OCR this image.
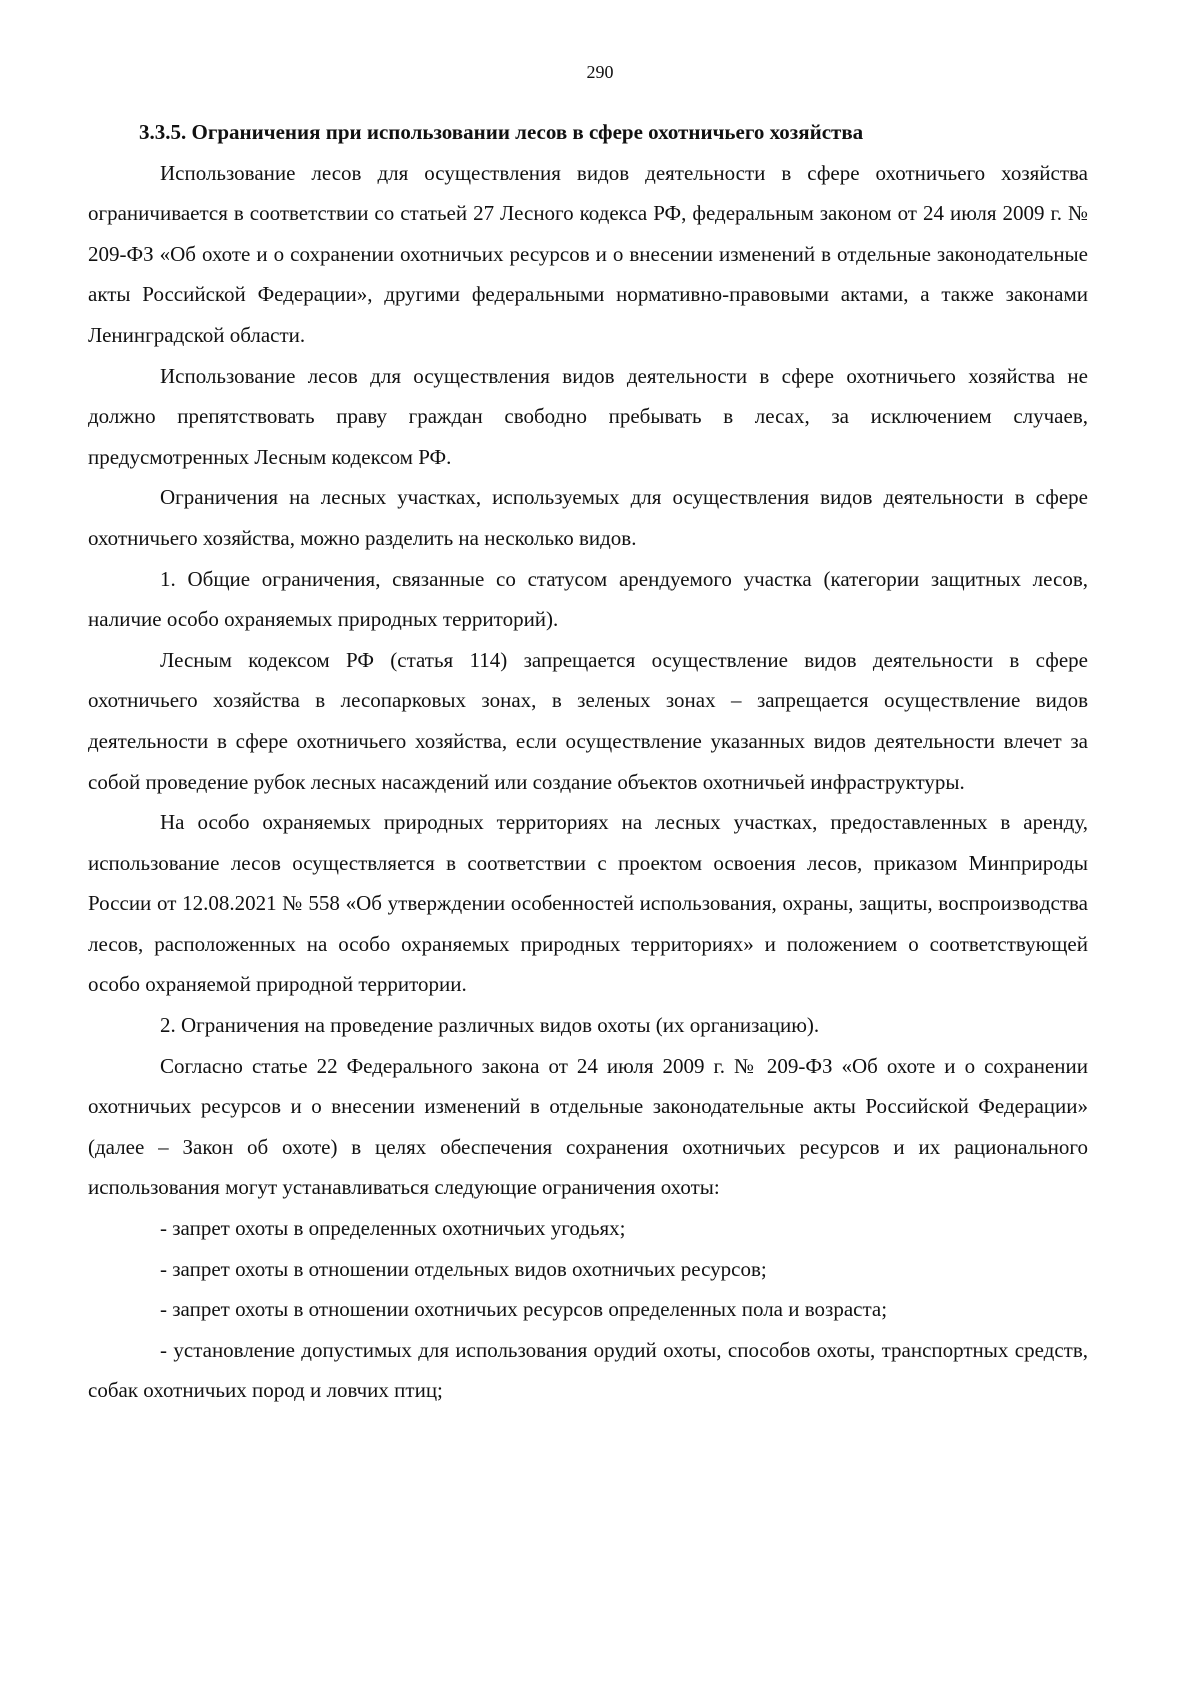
290

3.3.5. Ограничения при использовании лесов в сфере охотничьего хозяйства

Использование лесов для осуществления видов деятельности в сфере охотничьего хозяйства ограничивается в соответствии со статьей 27 Лесного кодекса РФ, федеральным законом от 24 июля 2009 г. № 209-ФЗ «Об охоте и о сохранении охотничьих ресурсов и о внесении изменений в отдельные законодательные акты Российской Федерации», другими федеральными нормативно-правовыми актами, а также законами Ленинградской области.

Использование лесов для осуществления видов деятельности в сфере охотничьего хозяйства не должно препятствовать праву граждан свободно пребывать в лесах, за исключением случаев, предусмотренных Лесным кодексом РФ.

Ограничения на лесных участках, используемых для осуществления видов деятельности в сфере охотничьего хозяйства, можно разделить на несколько видов.

1. Общие ограничения, связанные со статусом арендуемого участка (категории защитных лесов, наличие особо охраняемых природных территорий).

Лесным кодексом РФ (статья 114) запрещается осуществление видов деятельности в сфере охотничьего хозяйства в лесопарковых зонах, в зеленых зонах – запрещается осуществление видов деятельности в сфере охотничьего хозяйства, если осуществление указанных видов деятельности влечет за собой проведение рубок лесных насаждений или создание объектов охотничьей инфраструктуры.

На особо охраняемых природных территориях на лесных участках, предоставленных в аренду, использование лесов осуществляется в соответствии с проектом освоения лесов, приказом Минприроды России от 12.08.2021 № 558 «Об утверждении особенностей использования, охраны, защиты, воспроизводства лесов, расположенных на особо охраняемых природных территориях» и положением о соответствующей особо охраняемой природной территории.

2. Ограничения на проведение различных видов охоты (их организацию).

Согласно статье 22 Федерального закона от 24 июля 2009 г. № 209-ФЗ «Об охоте и о сохранении охотничьих ресурсов и о внесении изменений в отдельные законодательные акты Российской Федерации» (далее – Закон об охоте) в целях обеспечения сохранения охотничьих ресурсов и их рационального использования могут устанавливаться следующие ограничения охоты:

- запрет охоты в определенных охотничьих угодьях;

- запрет охоты в отношении отдельных видов охотничьих ресурсов;

- запрет охоты в отношении охотничьих ресурсов определенных пола и возраста;

- установление допустимых для использования орудий охоты, способов охоты, транспортных средств, собак охотничьих пород и ловчих птиц;
